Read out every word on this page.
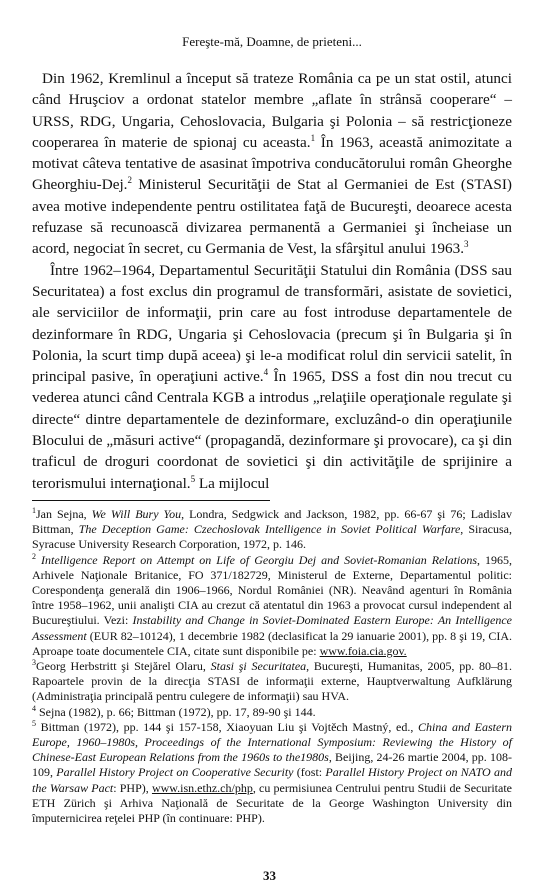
Fereşte-mă, Doamne, de prieteni...

Din 1962, Kremlinul a început să trateze România ca pe un stat ostil, atunci când Hruşciov a ordonat statelor membre „aflate în strânsă cooperare“ – URSS, RDG, Ungaria, Cehoslovacia, Bulgaria şi Polonia – să restricţioneze cooperarea în materie de spionaj cu aceasta.$^1$ În 1963, această animozitate a motivat câteva tentative de asasinat împotriva conducătorului român Gheorghe Gheorghiu-Dej.$^2$ Ministerul Securităţii de Stat al Germaniei de Est (STASI) avea motive independente pentru ostilitatea faţă de Bucureşti, deoarece acesta refuzase să recunoască divizarea permanentă a Germaniei şi încheiase un acord, negociat în secret, cu Germania de Vest, la sfârşitul anului 1963.$^3$

Între 1962–1964, Departamentul Securităţii Statului din România (DSS sau Securitatea) a fost exclus din programul de transformări, asistate de sovietici, ale serviciilor de informaţii, prin care au fost introduse departamentele de dezinformare în RDG, Ungaria şi Cehoslovacia (precum şi în Bulgaria şi în Polonia, la scurt timp după aceea) şi le-a modificat rolul din servicii satelit, în principal pasive, în operaţiuni active.$^4$ În 1965, DSS a fost din nou trecut cu vederea atunci când Centrala KGB a introdus „relaţiile operaţionale regulate şi directe“ dintre departamentele de dezinformare, excluzând-o din operaţiunile Blocului de „măsuri active“ (propagandă, dezinformare şi provocare), ca şi din traficul de droguri coordonat de sovietici şi din activităţile de sprijinire a terorismului internaţional.$^5$ La mijlocul

$^1$Jan Sejna, We Will Bury You, Londra, Sedgwick and Jackson, 1982, pp. 66-67 şi 76; Ladislav Bittman, The Deception Game: Czechoslovak Intelligence in Soviet Political Warfare, Siracusa, Syracuse University Research Corporation, 1972, p. 146.

$^2$ Intelligence Report on Attempt on Life of Georgiu Dej and Soviet-Romanian Relations, 1965, Arhivele Naţionale Britanice, FO 371/182729, Ministerul de Externe, Departamentul politic: Corespondenţa generală din 1906–1966, Nordul României (NR). Neavând agenturi în România între 1958–1962, unii analişti CIA au crezut că atentatul din 1963 a provocat cursul independent al Bucureştiului. Vezi: Instability and Change in Soviet-Dominated Eastern Europe: An Intelligence Assessment (EUR 82–10124), 1 decembrie 1982 (declasificat la 29 ianuarie 2001), pp. 8 şi 19, CIA. Aproape toate documentele CIA, citate sunt disponibile pe: www.foia.cia.gov.

$^3$Georg Herbstritt şi Stejărel Olaru, Stasi şi Securitatea, Bucureşti, Humanitas, 2005, pp. 80–81. Rapoartele provin de la direcţia STASI de informaţii externe, Hauptverwaltung Aufklärung (Administraţia principală pentru culegere de informaţii) sau HVA.

$^4$ Sejna (1982), p. 66; Bittman (1972), pp. 17, 89-90 şi 144.

$^5$ Bittman (1972), pp. 144 şi 157-158, Xiaoyuan Liu şi Vojtěch Mastný, ed., China and Eastern Europe, 1960–1980s, Proceedings of the International Symposium: Reviewing the History of Chinese-East European Relations from the 1960s to the1980s, Beijing, 24-26 martie 2004, pp. 108-109, Parallel History Project on Cooperative Security (fost: Parallel History Project on NATO and the Warsaw Pact: PHP), www.isn.ethz.ch/php, cu permisiunea Centrului pentru Studii de Securitate ETH Zürich şi Arhiva Naţională de Securitate de la George Washington University din împuternicirea reţelei PHP (în continuare: PHP).

33
